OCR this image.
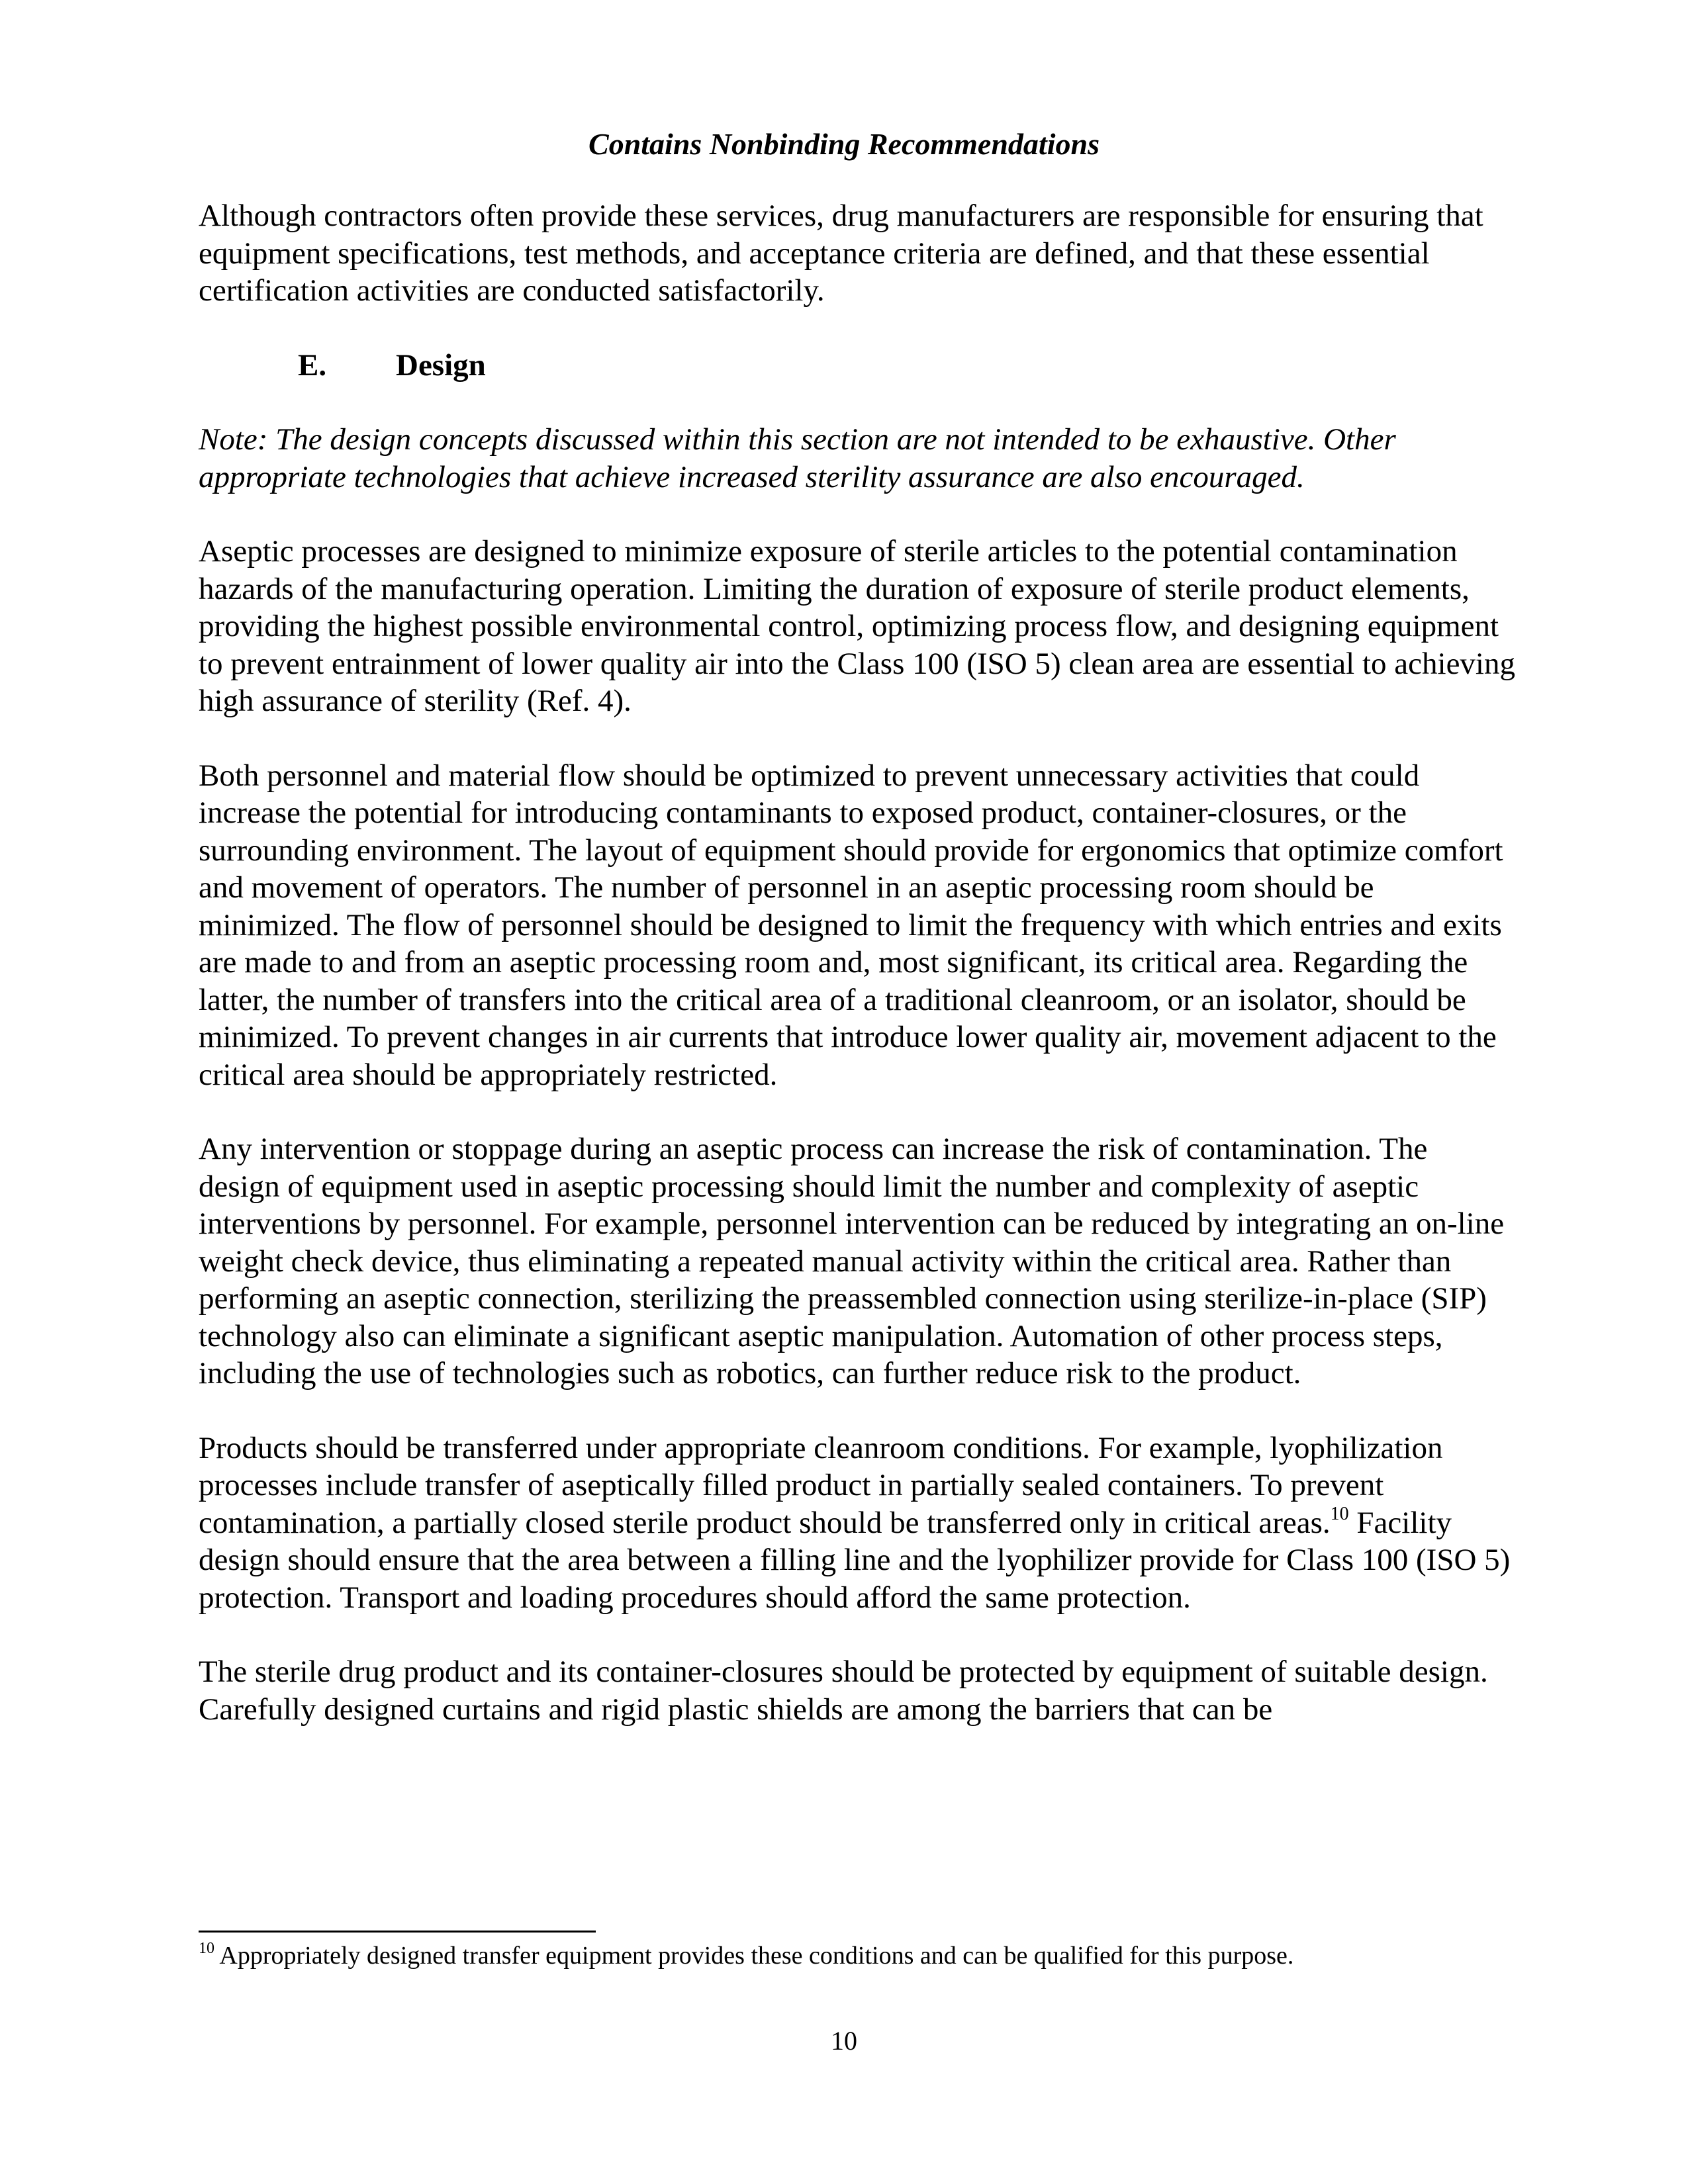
Contains Nonbinding Recommendations

Although contractors often provide these services, drug manufacturers are responsible for ensuring that equipment specifications, test methods, and acceptance criteria are defined, and that these essential certification activities are conducted satisfactorily.

E. Design

Note: The design concepts discussed within this section are not intended to be exhaustive. Other appropriate technologies that achieve increased sterility assurance are also encouraged.

Aseptic processes are designed to minimize exposure of sterile articles to the potential contamination hazards of the manufacturing operation. Limiting the duration of exposure of sterile product elements, providing the highest possible environmental control, optimizing process flow, and designing equipment to prevent entrainment of lower quality air into the Class 100 (ISO 5) clean area are essential to achieving high assurance of sterility (Ref. 4).

Both personnel and material flow should be optimized to prevent unnecessary activities that could increase the potential for introducing contaminants to exposed product, container-closures, or the surrounding environment. The layout of equipment should provide for ergonomics that optimize comfort and movement of operators. The number of personnel in an aseptic processing room should be minimized. The flow of personnel should be designed to limit the frequency with which entries and exits are made to and from an aseptic processing room and, most significant, its critical area. Regarding the latter, the number of transfers into the critical area of a traditional cleanroom, or an isolator, should be minimized. To prevent changes in air currents that introduce lower quality air, movement adjacent to the critical area should be appropriately restricted.

Any intervention or stoppage during an aseptic process can increase the risk of contamination. The design of equipment used in aseptic processing should limit the number and complexity of aseptic interventions by personnel. For example, personnel intervention can be reduced by integrating an on-line weight check device, thus eliminating a repeated manual activity within the critical area. Rather than performing an aseptic connection, sterilizing the preassembled connection using sterilize-in-place (SIP) technology also can eliminate a significant aseptic manipulation. Automation of other process steps, including the use of technologies such as robotics, can further reduce risk to the product.

Products should be transferred under appropriate cleanroom conditions. For example, lyophilization processes include transfer of aseptically filled product in partially sealed containers. To prevent contamination, a partially closed sterile product should be transferred only in critical areas.$^{10}$ Facility design should ensure that the area between a filling line and the lyophilizer provide for Class 100 (ISO 5) protection. Transport and loading procedures should afford the same protection.

The sterile drug product and its container-closures should be protected by equipment of suitable design. Carefully designed curtains and rigid plastic shields are among the barriers that can be

$^{10}$ Appropriately designed transfer equipment provides these conditions and can be qualified for this purpose.
10
